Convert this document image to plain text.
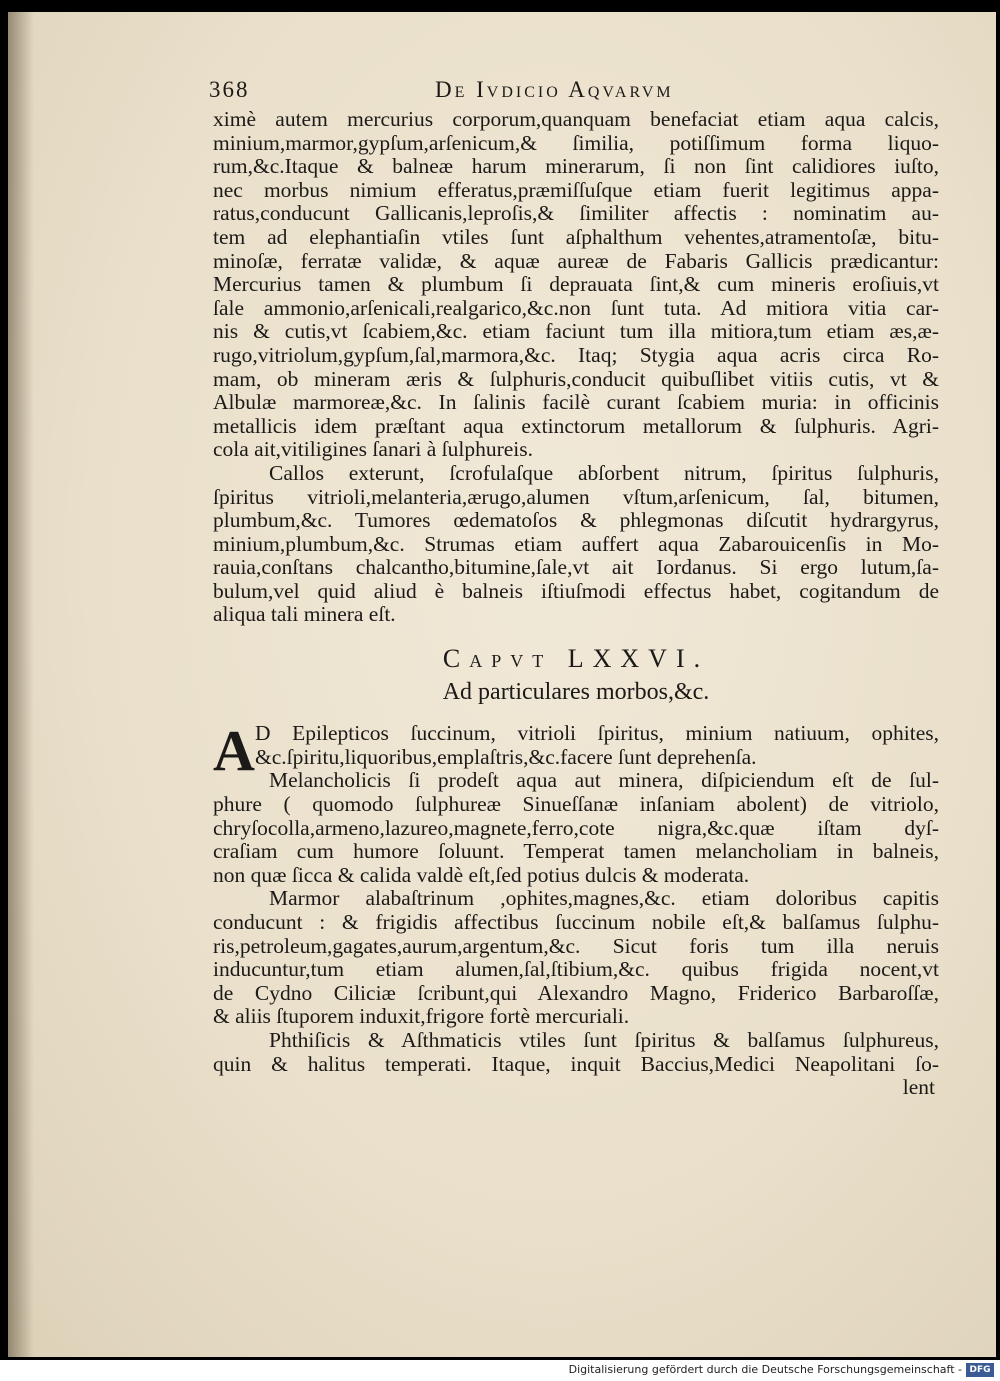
368	De Ivdicio Aqvarvm
ximè autem mercurius corporum,quanquam benefaciat etiam aqua calcis,
minium,marmor,gypſum,arſenicum,& ſimilia, potiſſimum forma liquo-
rum,&c.Itaque & balneæ harum minerarum, ſi non ſint calidiores iuſto,
nec morbus nimium efferatus,præmiſſuſque etiam fuerit legitimus appa-
ratus,conducunt Gallicanis,leproſis,& ſimiliter affectis : nominatim au-
tem ad elephantiaſin vtiles ſunt aſphalthum vehentes,atramentoſæ, bitu-
minoſæ, ferratæ validæ, & aquæ aureæ de Fabaris Gallicis prædicantur:
Mercurius tamen & plumbum ſi deprauata ſint,& cum mineris eroſiuis,vt
ſale ammonio,arſenicali,realgarico,&c.non ſunt tuta. Ad mitiora vitia car-
nis & cutis,vt ſcabiem,&c. etiam faciunt tum illa mitiora,tum etiam æs,æ-
rugo,vitriolum,gypſum,ſal,marmora,&c. Itaq; Stygia aqua acris circa Ro-
mam, ob mineram æris & ſulphuris,conducit quibuſlibet vitiis cutis, vt &
Albulæ marmoreæ,&c. In ſalinis facilè curant ſcabiem muria: in officinis
metallicis idem præſtant aqua extinctorum metallorum & ſulphuris. Agri-
cola ait,vitiligines ſanari à ſulphureis.
Callos exterunt, ſcrofulaſque abſorbent nitrum, ſpiritus ſulphuris,
ſpiritus vitrioli,melanteria,ærugo,alumen vſtum,arſenicum, ſal, bitumen,
plumbum,&c. Tumores œdematoſos & phlegmonas diſcutit hydrargyrus,
minium,plumbum,&c. Strumas etiam auffert aqua Zabarouicenſis in Mo-
rauia,conſtans chalcantho,bitumine,ſale,vt ait Iordanus. Si ergo lutum,ſa-
bulum,vel quid aliud è balneis iſtiuſmodi effectus habet, cogitandum de
aliqua tali minera eſt.
Capvt LXXVI.
Ad particulares morbos,&c.
A D Epilepticos ſuccinum, vitrioli ſpiritus, minium natiuum, ophites,
&c.ſpiritu,liquoribus,emplaſtris,&c.facere ſunt deprehenſa.
Melancholicis ſi prodeſt aqua aut minera, diſpiciendum eſt de ſul-
phure ( quomodo ſulphureæ Sinueſſanæ inſaniam abolent) de vitriolo,
chryſocolla,armeno,lazureo,magnete,ferro,cote nigra,&c.quæ iſtam dyſ-
craſiam cum humore ſoluunt. Temperat tamen melancholiam in balneis,
non quæ ſicca & calida valdè eſt,ſed potius dulcis & moderata.
Marmor alabaſtrinum ,ophites,magnes,&c. etiam doloribus capitis
conducunt : & frigidis affectibus ſuccinum nobile eſt,& balſamus ſulphu-
ris,petroleum,gagates,aurum,argentum,&c. Sicut foris tum illa neruis
inducuntur,tum etiam alumen,ſal,ſtibium,&c. quibus frigida nocent,vt
de Cydno Ciliciæ ſcribunt,qui Alexandro Magno, Friderico Barbaroſſæ,
& aliis ſtuporem induxit,frigore fortè mercuriali.
Phthiſicis & Aſthmaticis vtiles ſunt ſpiritus & balſamus ſulphureus,
quin & halitus temperati. Itaque, inquit Baccius,Medici Neapolitani ſo-
lent
Digitalisierung gefördert durch die Deutsche Forschungsgemeinschaft - DFG
